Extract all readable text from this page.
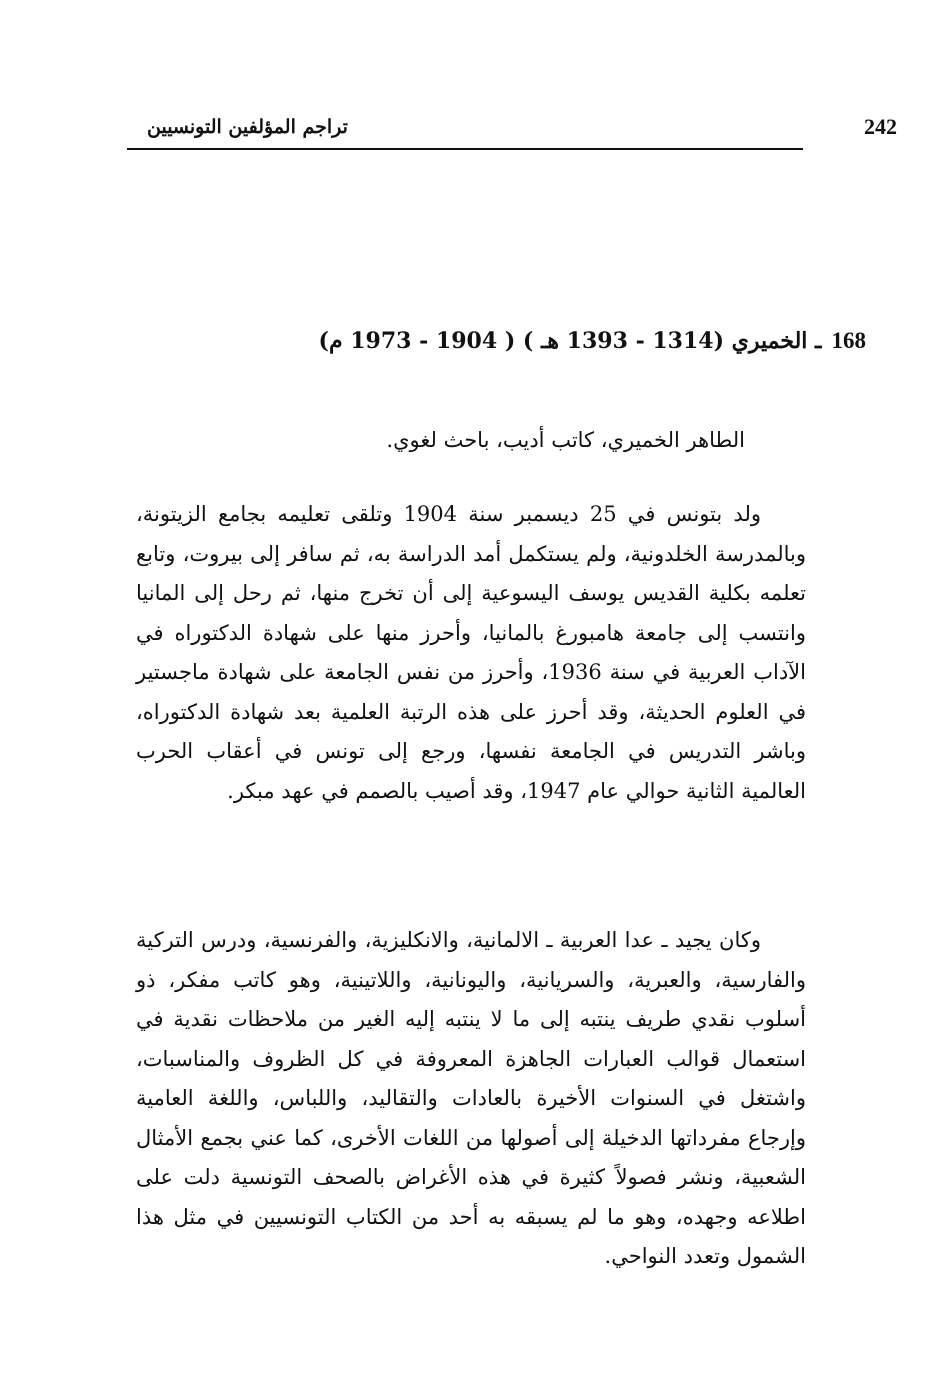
242
تراجم المؤلفين التونسيين
168ـ الخميري (1314 - 1393 هـ ) ( 1904 - 1973 م)

الطاهر الخميري، كاتب أديب، باحث لغوي.

ولد بتونس في 25 ديسمبر سنة 1904 وتلقى تعليمه بجامع الزيتونة، وبالمدرسة الخلدونية، ولم يستكمل أمد الدراسة به، ثم سافر إلى بيروت، وتابع تعلمه بكلية القديس يوسف اليسوعية إلى أن تخرج منها، ثم رحل إلى المانيا وانتسب إلى جامعة هامبورغ بالمانيا، وأحرز منها على شهادة الدكتوراه في الآداب العربية في سنة 1936، وأحرز من نفس الجامعة على شهادة ماجستير في العلوم الحديثة، وقد أحرز على هذه الرتبة العلمية بعد شهادة الدكتوراه، وباشر التدريس في الجامعة نفسها، ورجع إلى تونس في أعقاب الحرب العالمية الثانية حوالي عام 1947، وقد أصيب بالصمم في عهد مبكر.

وكان يجيد ـ عدا العربية ـ الالمانية، والانكليزية، والفرنسية، ودرس التركية والفارسية، والعبرية، والسريانية، واليونانية، واللاتينية، وهو كاتب مفكر، ذو أسلوب نقدي طريف ينتبه إلى ما لا ينتبه إليه الغير من ملاحظات نقدية في استعمال قوالب العبارات الجاهزة المعروفة في كل الظروف والمناسبات، واشتغل في السنوات الأخيرة بالعادات والتقاليد، واللباس، واللغة العامية وإرجاع مفرداتها الدخيلة إلى أصولها من اللغات الأخرى، كما عني بجمع الأمثال الشعبية، ونشر فصولاً كثيرة في هذه الأغراض بالصحف التونسية دلت على اطلاعه وجهده، وهو ما لم يسبقه به أحد من الكتاب التونسيين في مثل هذا الشمول وتعدد النواحي.
